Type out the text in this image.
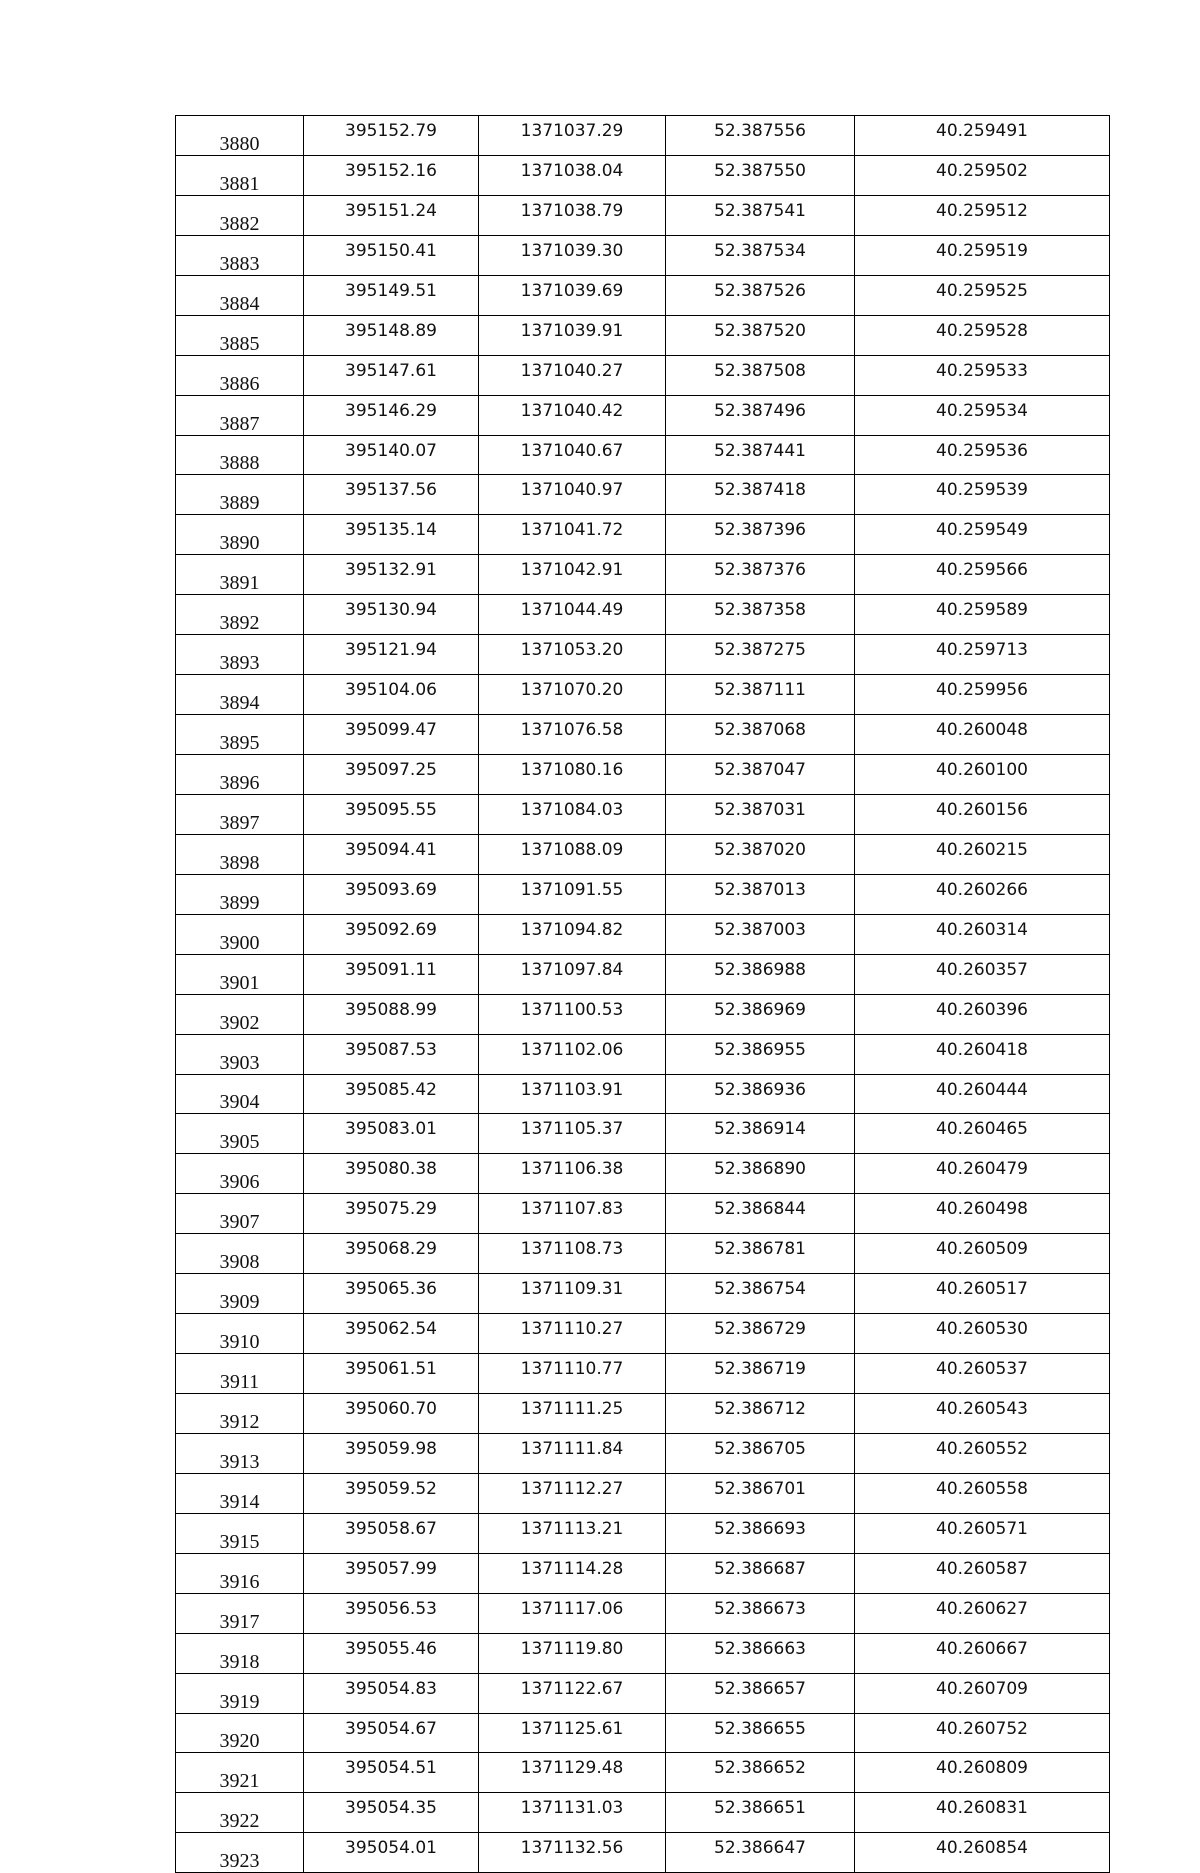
3880	395152.79	1371037.29	52.387556	40.259491
3881	395152.16	1371038.04	52.387550	40.259502
3882	395151.24	1371038.79	52.387541	40.259512
3883	395150.41	1371039.30	52.387534	40.259519
3884	395149.51	1371039.69	52.387526	40.259525
3885	395148.89	1371039.91	52.387520	40.259528
3886	395147.61	1371040.27	52.387508	40.259533
3887	395146.29	1371040.42	52.387496	40.259534
3888	395140.07	1371040.67	52.387441	40.259536
3889	395137.56	1371040.97	52.387418	40.259539
3890	395135.14	1371041.72	52.387396	40.259549
3891	395132.91	1371042.91	52.387376	40.259566
3892	395130.94	1371044.49	52.387358	40.259589
3893	395121.94	1371053.20	52.387275	40.259713
3894	395104.06	1371070.20	52.387111	40.259956
3895	395099.47	1371076.58	52.387068	40.260048
3896	395097.25	1371080.16	52.387047	40.260100
3897	395095.55	1371084.03	52.387031	40.260156
3898	395094.41	1371088.09	52.387020	40.260215
3899	395093.69	1371091.55	52.387013	40.260266
3900	395092.69	1371094.82	52.387003	40.260314
3901	395091.11	1371097.84	52.386988	40.260357
3902	395088.99	1371100.53	52.386969	40.260396
3903	395087.53	1371102.06	52.386955	40.260418
3904	395085.42	1371103.91	52.386936	40.260444
3905	395083.01	1371105.37	52.386914	40.260465
3906	395080.38	1371106.38	52.386890	40.260479
3907	395075.29	1371107.83	52.386844	40.260498
3908	395068.29	1371108.73	52.386781	40.260509
3909	395065.36	1371109.31	52.386754	40.260517
3910	395062.54	1371110.27	52.386729	40.260530
3911	395061.51	1371110.77	52.386719	40.260537
3912	395060.70	1371111.25	52.386712	40.260543
3913	395059.98	1371111.84	52.386705	40.260552
3914	395059.52	1371112.27	52.386701	40.260558
3915	395058.67	1371113.21	52.386693	40.260571
3916	395057.99	1371114.28	52.386687	40.260587
3917	395056.53	1371117.06	52.386673	40.260627
3918	395055.46	1371119.80	52.386663	40.260667
3919	395054.83	1371122.67	52.386657	40.260709
3920	395054.67	1371125.61	52.386655	40.260752
3921	395054.51	1371129.48	52.386652	40.260809
3922	395054.35	1371131.03	52.386651	40.260831
3923	395054.01	1371132.56	52.386647	40.260854
